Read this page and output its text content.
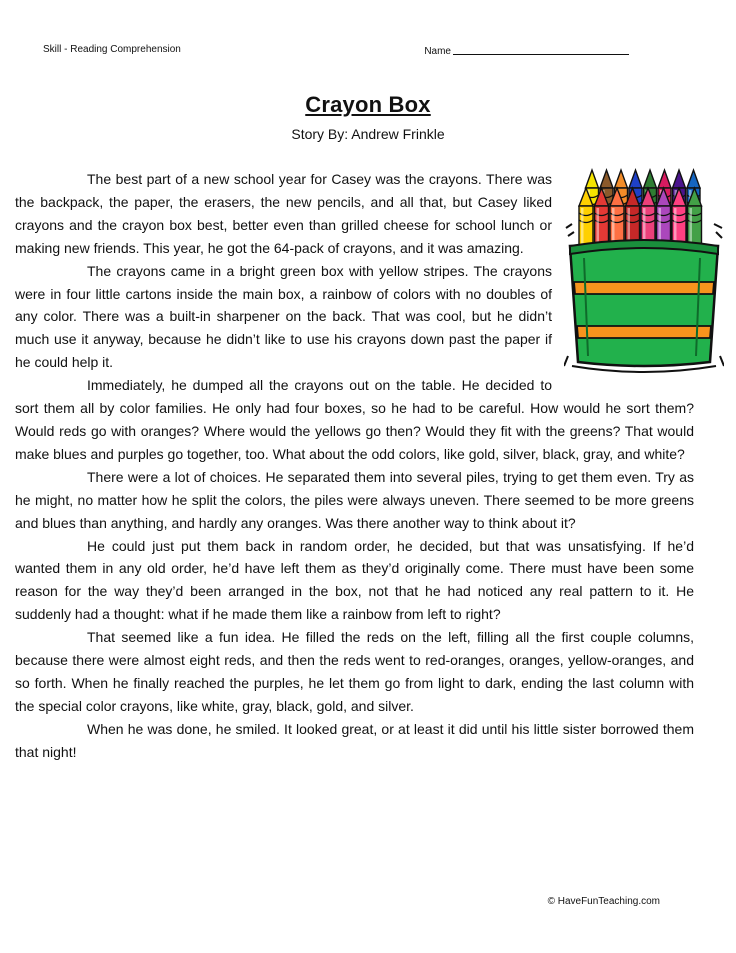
Skill - Reading Comprehension	Name
Crayon Box
Story By: Andrew Frinkle

The best part of a new school year for Casey was the crayons. There was the backpack, the paper, the erasers, the new pencils, and all that, but Casey liked crayons and the crayon box best, better even than grilled cheese for school lunch or making new friends. This year, he got the 64-pack of crayons, and it was amazing.

The crayons came in a bright green box with yellow stripes. The crayons were in four little cartons inside the main box, a rainbow of colors with no doubles of any color. There was a built-in sharpener on the back. That was cool, but he didn’t much use it anyway, because he didn’t like to use his crayons down past the paper if he could help it.

Immediately, he dumped all the crayons out on the table. He decided to sort them all by color families. He only had four boxes, so he had to be careful. How would he sort them? Would reds go with oranges? Where would the yellows go then? Would they fit with the greens? That would make blues and purples go together, too. What about the odd colors, like gold, silver, black, gray, and white?

There were a lot of choices. He separated them into several piles, trying to get them even. Try as he might, no matter how he split the colors, the piles were always uneven. There seemed to be more greens and blues than anything, and hardly any oranges. Was there another way to think about it?

He could just put them back in random order, he decided, but that was unsatisfying. If he’d wanted them in any old order, he’d have left them as they’d originally come. There must have been some reason for the way they’d been arranged in the box, not that he had noticed any real pattern to it. He suddenly had a thought: what if he made them like a rainbow from left to right?

That seemed like a fun idea. He filled the reds on the left, filling all the first couple columns, because there were almost eight reds, and then the reds went to red-oranges, oranges, yellow-oranges, and so forth. When he finally reached the purples, he let them go from light to dark, ending the last column with the special color crayons, like white, gray, black, gold, and silver.

When he was done, he smiled. It looked great, or at least it did until his little sister borrowed them that night!

© HaveFunTeaching.com
